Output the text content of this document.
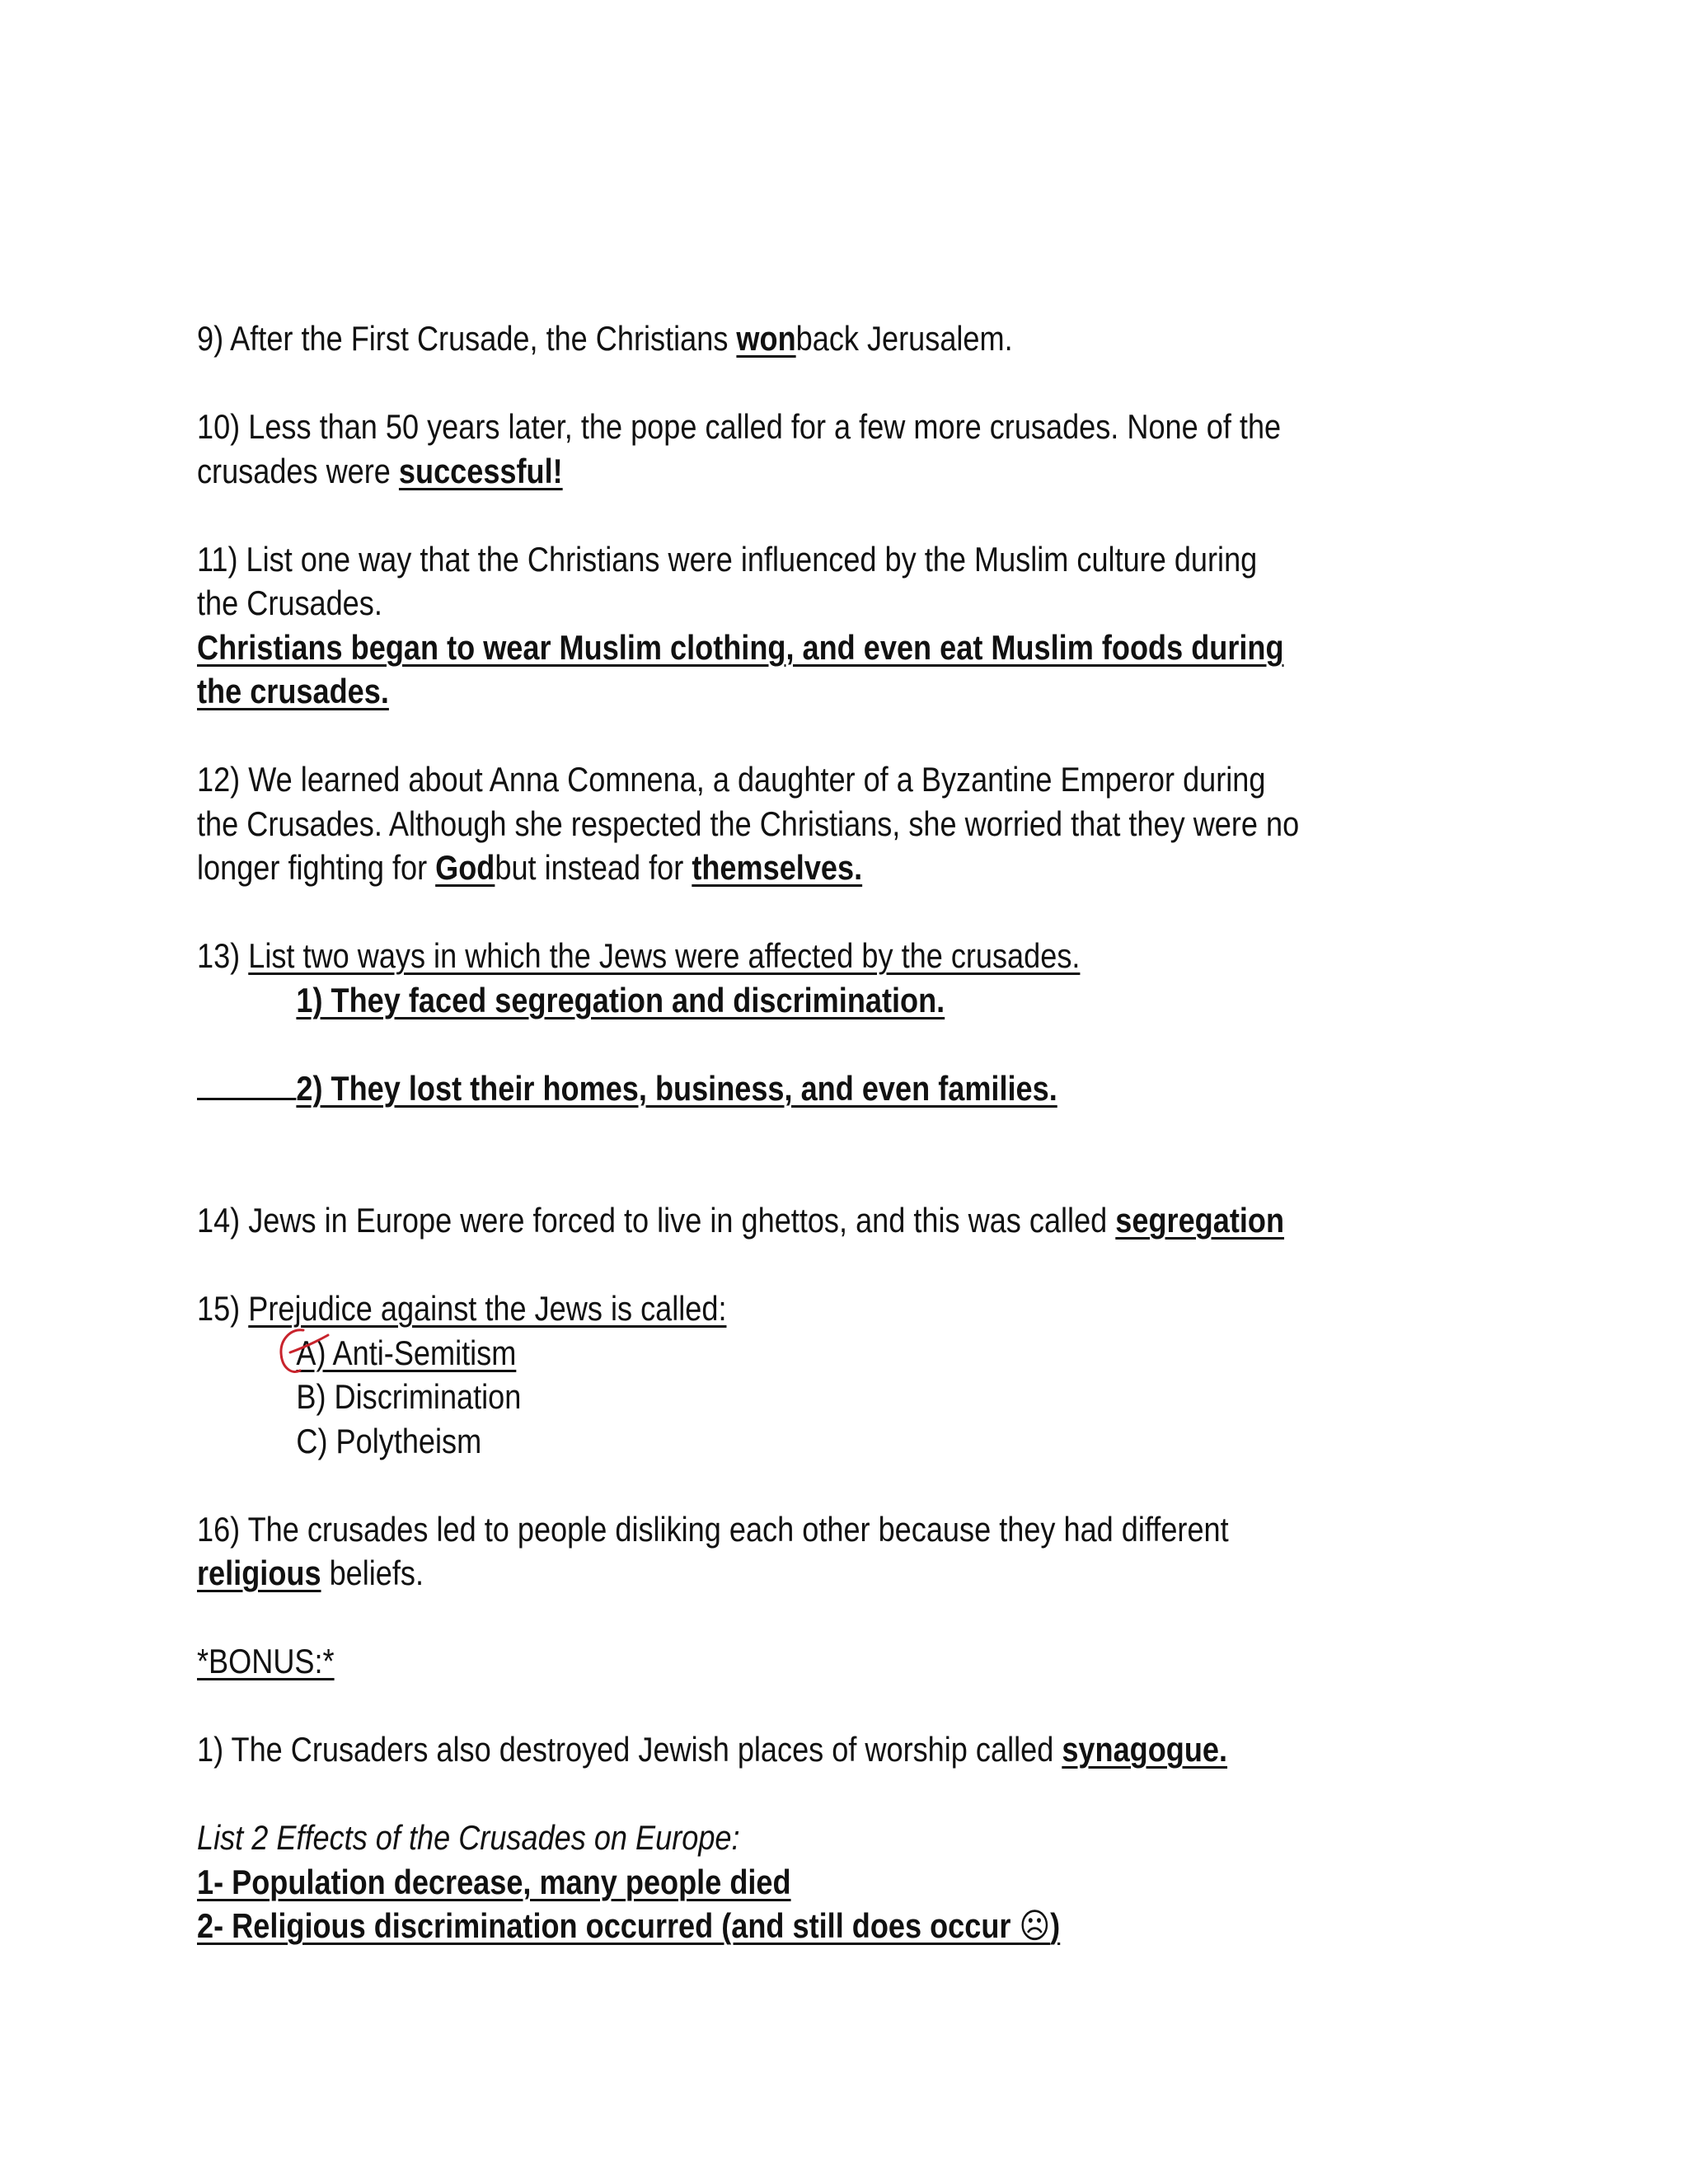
9) After the First Crusade, the Christians wonback Jerusalem.

10) Less than 50 years later, the pope called for a few more crusades. None of the crusades were successful!

11) List one way that the Christians were influenced by the Muslim culture during the Crusades.

Christians began to wear Muslim clothing, and even eat Muslim foods during the crusades.

12) We learned about Anna Comnena, a daughter of a Byzantine Emperor during the Crusades. Although she respected the Christians, she worried that they were no longer fighting for Godbut instead for themselves.

13) List two ways in which the Jews were affected by the crusades.

1) They faced segregation and discrimination.

2) They lost their homes, business, and even families.

14) Jews in Europe were forced to live in ghettos, and this was called segregation

15) Prejudice against the Jews is called:

A) Anti-Semitism

B) Discrimination

C) Polytheism

16) The crusades led to people disliking each other because they had different religious beliefs.

*BONUS:*

1) The Crusaders also destroyed Jewish places of worship called synagogue.

List 2 Effects of the Crusades on Europe:

1- Population decrease, many people died

2- Religious discrimination occurred (and still does occur ☹)
